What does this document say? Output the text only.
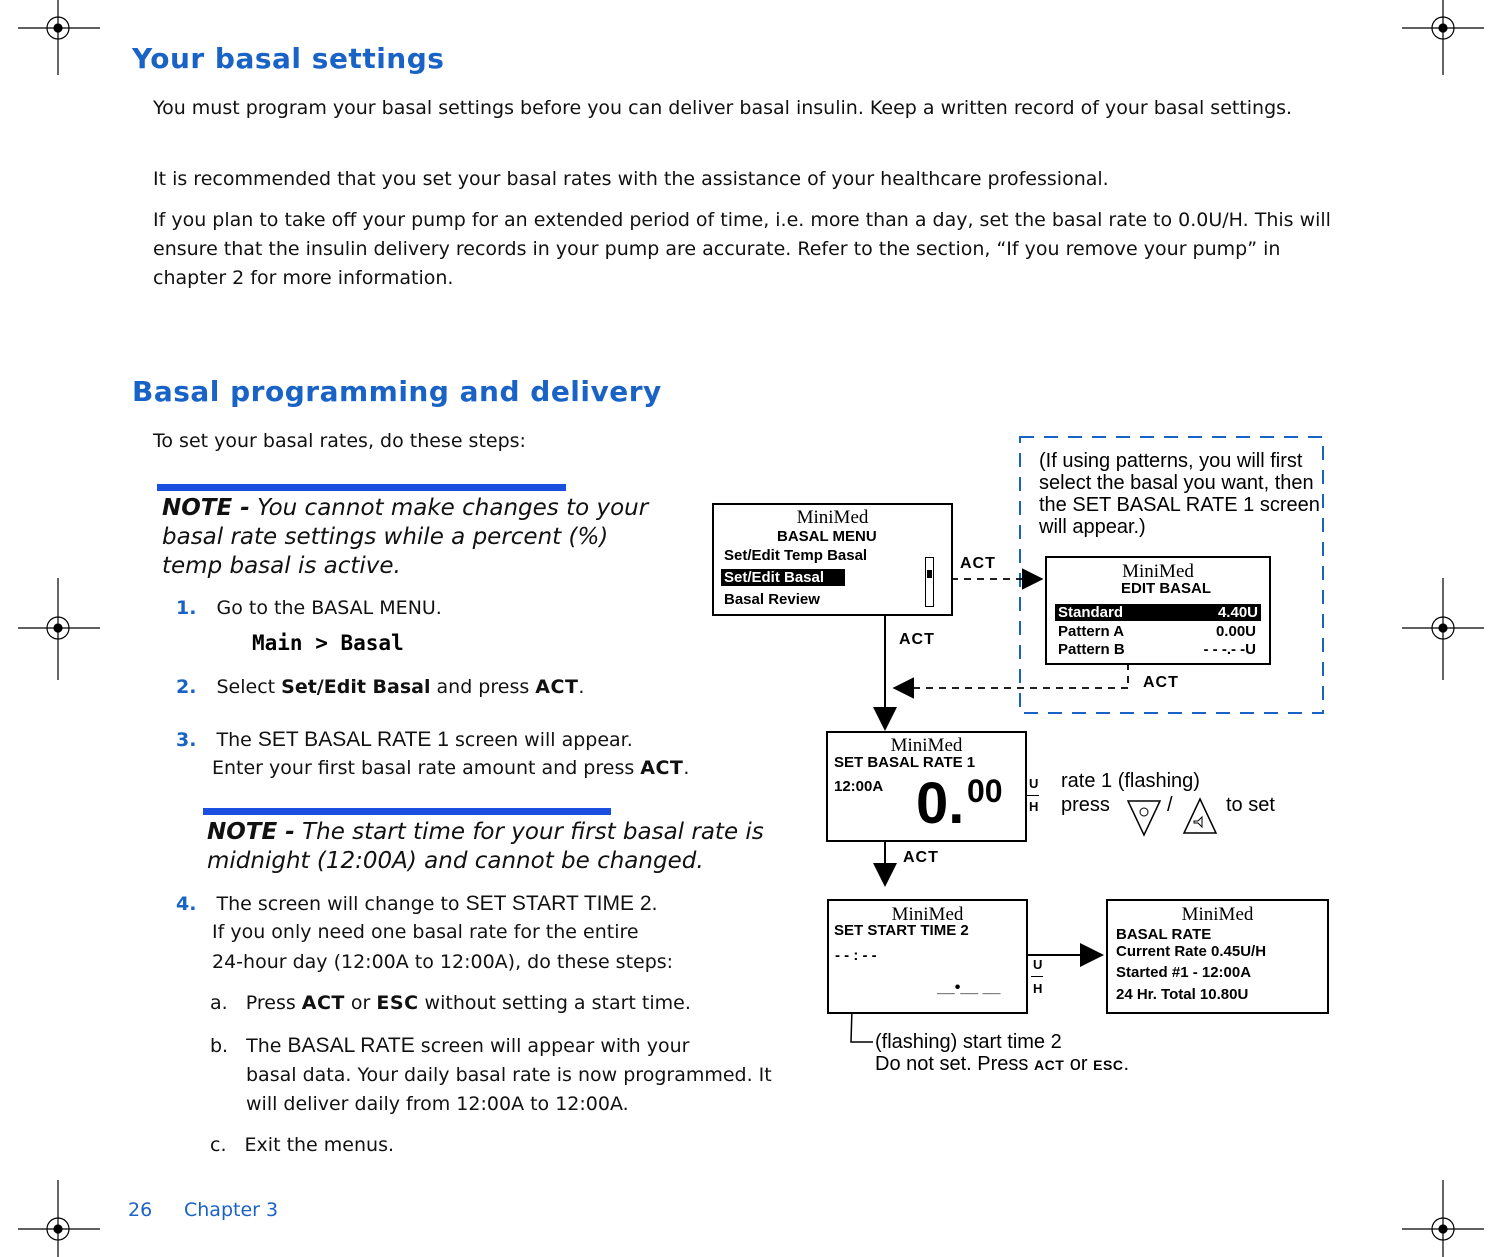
Your basal settings
You must program your basal settings before you can deliver basal insulin. Keep a written record of your basal settings.
It is recommended that you set your basal rates with the assistance of your healthcare professional.
If you plan to take off your pump for an extended period of time, i.e. more than a day, set the basal rate to 0.0U/H. This will ensure that the insulin delivery records in your pump are accurate. Refer to the section, “If you remove your pump” in chapter 2 for more information.
Basal programming and delivery
To set your basal rates, do these steps:
NOTE - You cannot make changes to your basal rate settings while a percent (%) temp basal is active.
1. Go to the BASAL MENU.
Main > Basal
2. Select Set/Edit Basal and press ACT.
3. The SET BASAL RATE 1 screen will appear.
Enter your first basal rate amount and press ACT.
NOTE - The start time for your first basal rate is midnight (12:00A) and cannot be changed.
4. The screen will change to SET START TIME 2.
If you only need one basal rate for the entire
24-hour day (12:00A to 12:00A), do these steps:
a. Press ACT or ESC without setting a start time.
b. The BASAL RATE screen will appear with your
basal data. Your daily basal rate is now programmed. It
will deliver daily from 12:00A to 12:00A.
c. Exit the menus.
(If using patterns, you will first select the basal you want, then the SET BASAL RATE 1 screen will appear.)
MiniMed
BASAL MENU
Set/Edit Temp Basal
Set/Edit Basal
Basal Review
MiniMed
EDIT BASAL
Standard	4.40U
Pattern A	0.00U
Pattern B	- - -.- -U
ACT
ACT
ACT
ACT
MiniMed
SET BASAL RATE 1
12:00A 0. 00 U
H
rate 1 (flashing)
press	/	to set
MiniMed
SET START TIME 2
- - : - -
__•__ __
U
H
MiniMed
BASAL RATE
Current Rate 0.45U/H
Started #1 - 12:00A
24 Hr. Total 10.80U
(flashing) start time 2
Do not set. Press ACT or ESC.
26 Chapter 3
